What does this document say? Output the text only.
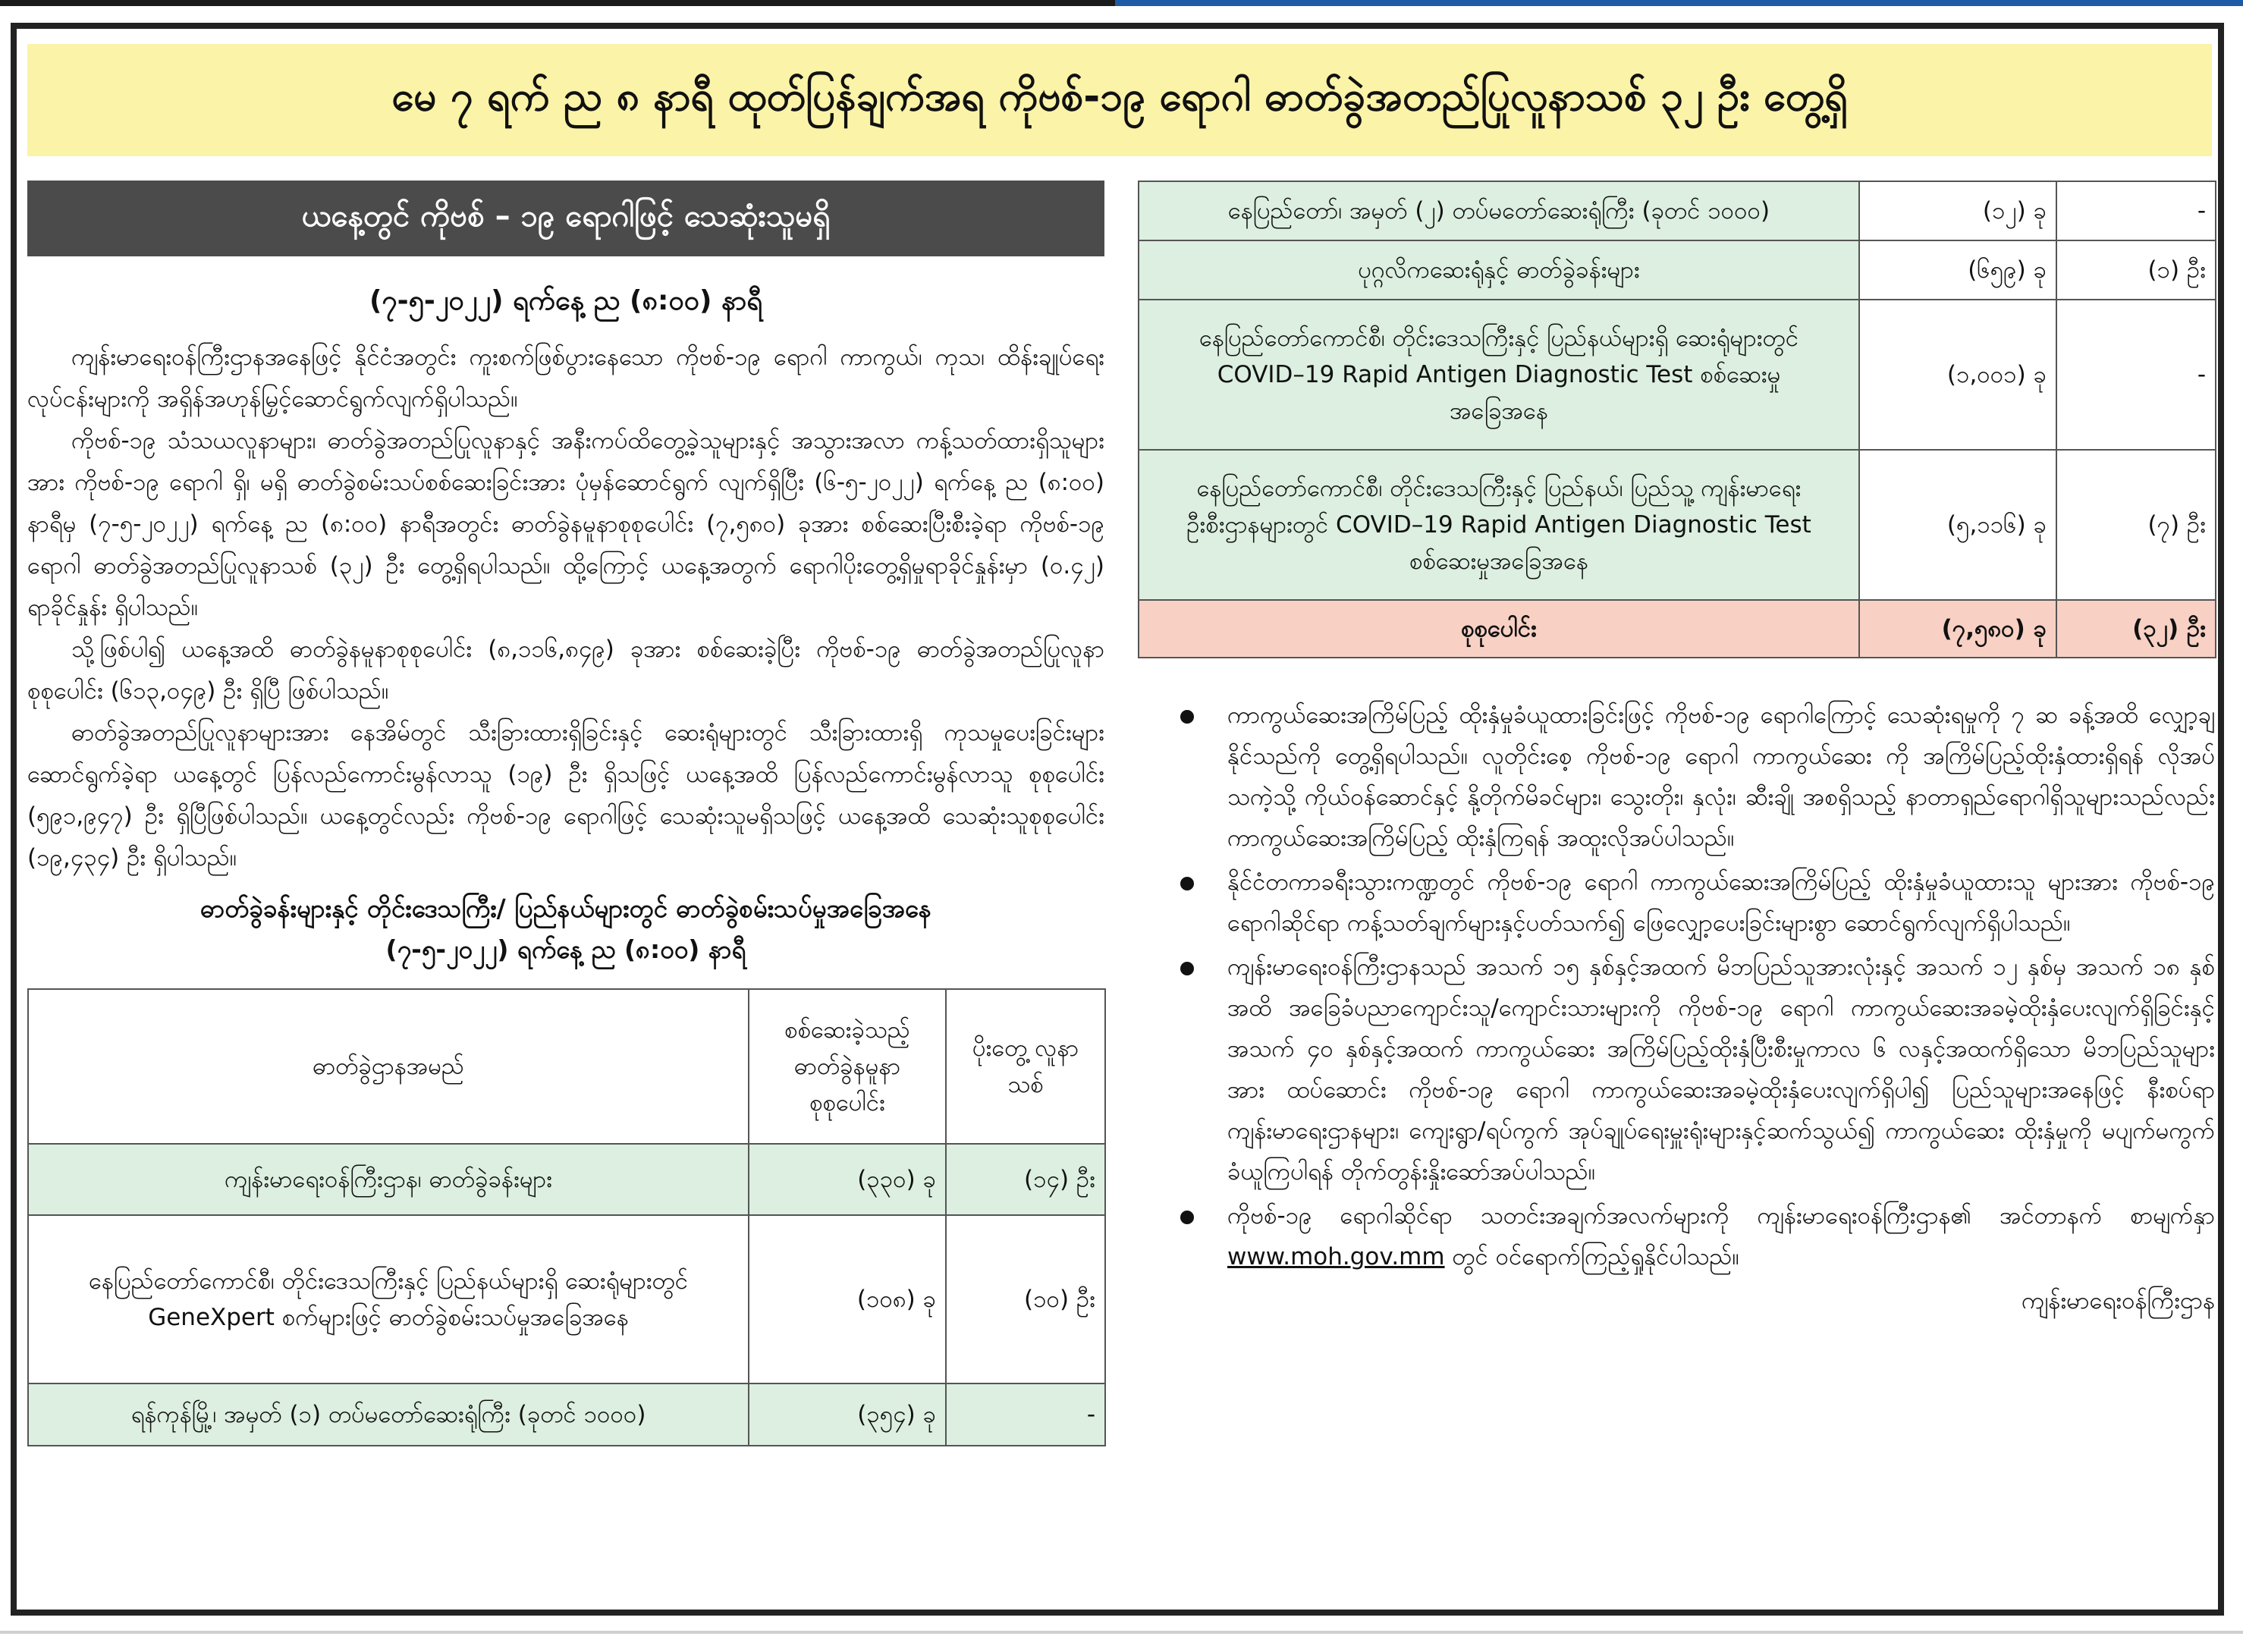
မေ ၇ ရက် ည ၈ နာရီ ထုတ်ပြန်ချက်အရ ကိုဗစ်-၁၉ ရောဂါ ဓာတ်ခွဲအတည်ပြုလူနာသစ် ၃၂ ဦး တွေ့ရှိ
ယနေ့တွင် ကိုဗစ် – ၁၉ ရောဂါဖြင့် သေဆုံးသူမရှိ
(၇-၅-၂၀၂၂) ရက်နေ့ ည (၈:၀၀) နာရီ

ကျန်းမာရေးဝန်ကြီးဌာနအနေဖြင့် နိုင်ငံအတွင်း ကူးစက်ဖြစ်ပွားနေသော ကိုဗစ်-၁၉ ရောဂါ ကာကွယ်၊ ကုသ၊ ထိန်းချုပ်ရေးလုပ်ငန်းများကို အရှိန်အဟုန်မြှင့်ဆောင်ရွက်လျက်ရှိပါသည်။

ကိုဗစ်-၁၉ သံသယလူနာများ၊ ဓာတ်ခွဲအတည်ပြုလူနာနှင့် အနီးကပ်ထိတွေ့ခဲ့သူများနှင့် အသွားအလာ ကန့်သတ်ထားရှိသူများအား ကိုဗစ်-၁၉ ရောဂါ ရှိ၊ မရှိ ဓာတ်ခွဲစမ်းသပ်စစ်ဆေးခြင်းအား ပုံမှန်ဆောင်ရွက် လျက်ရှိပြီး (၆-၅-၂၀၂၂) ရက်နေ့ ည (၈:၀၀) နာရီမှ (၇-၅-၂၀၂၂) ရက်နေ့ ည (၈:၀၀) နာရီအတွင်း ဓာတ်ခွဲနမူနာစုစုပေါင်း (၇,၅၈၀) ခုအား စစ်ဆေးပြီးစီးခဲ့ရာ ကိုဗစ်-၁၉ ရောဂါ ဓာတ်ခွဲအတည်ပြုလူနာသစ် (၃၂) ဦး တွေ့ရှိရပါသည်။ ထို့ကြောင့် ယနေ့အတွက် ရောဂါပိုးတွေ့ရှိမှုရာခိုင်နှုန်းမှာ (၀.၄၂) ရာခိုင်နှုန်း ရှိပါသည်။

သို့ဖြစ်ပါ၍ ယနေ့အထိ ဓာတ်ခွဲနမူနာစုစုပေါင်း (၈,၁၁၆,၈၄၉) ခုအား စစ်ဆေးခဲ့ပြီး ကိုဗစ်-၁၉ ဓာတ်ခွဲအတည်ပြုလူနာ စုစုပေါင်း (၆၁၃,၀၄၉) ဦး ရှိပြီ ဖြစ်ပါသည်။

ဓာတ်ခွဲအတည်ပြုလူနာများအား နေအိမ်တွင် သီးခြားထားရှိခြင်းနှင့် ဆေးရုံများတွင် သီးခြားထားရှိ ကုသမှုပေးခြင်းများ ဆောင်ရွက်ခဲ့ရာ ယနေ့တွင် ပြန်လည်ကောင်းမွန်လာသူ (၁၉) ဦး ရှိသဖြင့် ယနေ့အထိ ပြန်လည်ကောင်းမွန်လာသူ စုစုပေါင်း (၅၉၁,၉၄၇) ဦး ရှိပြီဖြစ်ပါသည်။ ယနေ့တွင်လည်း ကိုဗစ်-၁၉ ရောဂါဖြင့် သေဆုံးသူမရှိသဖြင့် ယနေ့အထိ သေဆုံးသူစုစုပေါင်း (၁၉,၄၃၄) ဦး ရှိပါသည်။

ဓာတ်ခွဲခန်းများနှင့် တိုင်းဒေသကြီး/ ပြည်နယ်များတွင် ဓာတ်ခွဲစမ်းသပ်မှုအခြေအနေ
(၇-၅-၂၀၂၂) ရက်နေ့ ည (၈:၀၀) နာရီ
ဓာတ်ခွဲဌာနအမည်	စစ်ဆေးခဲ့သည့် ဓာတ်ခွဲနမူနာ စုစုပေါင်း	ပိုးတွေ့ လူနာသစ်
ကျန်းမာရေးဝန်ကြီးဌာန၊ ဓာတ်ခွဲခန်းများ	(၃၃၀) ခု	(၁၄) ဦး
နေပြည်တော်ကောင်စီ၊ တိုင်းဒေသကြီးနှင့် ပြည်နယ်များရှိ ဆေးရုံများတွင် GeneXpert စက်များဖြင့် ဓာတ်ခွဲစမ်းသပ်မှုအခြေအနေ	(၁၀၈) ခု	(၁၀) ဦး
ရန်ကုန်မြို့၊ အမှတ် (၁) တပ်မတော်ဆေးရုံကြီး (ခုတင် ၁၀၀၀)	(၃၅၄) ခု	-
နေပြည်တော်၊ အမှတ် (၂) တပ်မတော်ဆေးရုံကြီး (ခုတင် ၁၀၀၀)	(၁၂) ခု	-
ပုဂ္ဂလိကဆေးရုံနှင့် ဓာတ်ခွဲခန်းများ	(၆၅၉) ခု	(၁) ဦး
နေပြည်တော်ကောင်စီ၊ တိုင်းဒေသကြီးနှင့် ပြည်နယ်များရှိ ဆေးရုံများတွင် COVID–19 Rapid Antigen Diagnostic Test စစ်ဆေးမှုအခြေအနေ	(၁,၀၀၁) ခု	-
နေပြည်တော်ကောင်စီ၊ တိုင်းဒေသကြီးနှင့် ပြည်နယ်၊ ပြည်သူ့ ကျန်းမာရေးဦးစီးဌာနများတွင် COVID–19 Rapid Antigen Diagnostic Test စစ်ဆေးမှုအခြေအနေ	(၅,၁၁၆) ခု	(၇) ဦး
စုစုပေါင်း	(၇,၅၈၀) ခု	(၃၂) ဦး
ကာကွယ်ဆေးအကြိမ်ပြည့် ထိုးနှံမှုခံယူထားခြင်းဖြင့် ကိုဗစ်-၁၉ ရောဂါကြောင့် သေဆုံးရမှုကို ၇ ဆ ခန့်အထိ လျှော့ချနိုင်သည်ကို တွေ့ရှိရပါသည်။ လူတိုင်းစေ့ ကိုဗစ်-၁၉ ရောဂါ ကာကွယ်ဆေး ကို အကြိမ်ပြည့်ထိုးနှံထားရှိရန် လိုအပ်သကဲ့သို့ ကိုယ်ဝန်ဆောင်နှင့် နို့တိုက်မိခင်များ၊ သွေးတိုး၊ နှလုံး၊ ဆီးချို အစရှိသည့် နာတာရှည်ရောဂါရှိသူများသည်လည်း ကာကွယ်ဆေးအကြိမ်ပြည့် ထိုးနှံကြရန် အထူးလိုအပ်ပါသည်။
နိုင်ငံတကာခရီးသွားကဏ္ဍတွင် ကိုဗစ်-၁၉ ရောဂါ ကာကွယ်ဆေးအကြိမ်ပြည့် ထိုးနှံမှုခံယူထားသူ များအား ကိုဗစ်-၁၉ ရောဂါဆိုင်ရာ ကန့်သတ်ချက်များနှင့်ပတ်သက်၍ ဖြေလျှော့ပေးခြင်းများစွာ ဆောင်ရွက်လျက်ရှိပါသည်။
ကျန်းမာရေးဝန်ကြီးဌာနသည် အသက် ၁၅ နှစ်နှင့်အထက် မိဘပြည်သူအားလုံးနှင့် အသက် ၁၂ နှစ်မှ အသက် ၁၈ နှစ်အထိ အခြေခံပညာကျောင်းသူ/ကျောင်းသားများကို ကိုဗစ်-၁၉ ရောဂါ ကာကွယ်ဆေးအခမဲ့ထိုးနှံပေးလျက်ရှိခြင်းနှင့် အသက် ၄၀ နှစ်နှင့်အထက် ကာကွယ်ဆေး အကြိမ်ပြည့်ထိုးနှံပြီးစီးမှုကာလ ၆ လနှင့်အထက်ရှိသော မိဘပြည်သူများအား ထပ်ဆောင်း ကိုဗစ်-၁၉ ရောဂါ ကာကွယ်ဆေးအခမဲ့ထိုးနှံပေးလျက်ရှိပါ၍ ပြည်သူများအနေဖြင့် နီးစပ်ရာ ကျန်းမာရေးဌာနများ၊ ကျေးရွာ/ရပ်ကွက် အုပ်ချုပ်ရေးမှူးရုံးများနှင့်ဆက်သွယ်၍ ကာကွယ်ဆေး ထိုးနှံမှုကို မပျက်မကွက်ခံယူကြပါရန် တိုက်တွန်းနှိုးဆော်အပ်ပါသည်။
ကိုဗစ်-၁၉ ရောဂါဆိုင်ရာ သတင်းအချက်အလက်များကို ကျန်းမာရေးဝန်ကြီးဌာန၏ အင်တာနက် စာမျက်နှာ www.moh.gov.mm တွင် ဝင်ရောက်ကြည့်ရှုနိုင်ပါသည်။
ကျန်းမာရေးဝန်ကြီးဌာန
